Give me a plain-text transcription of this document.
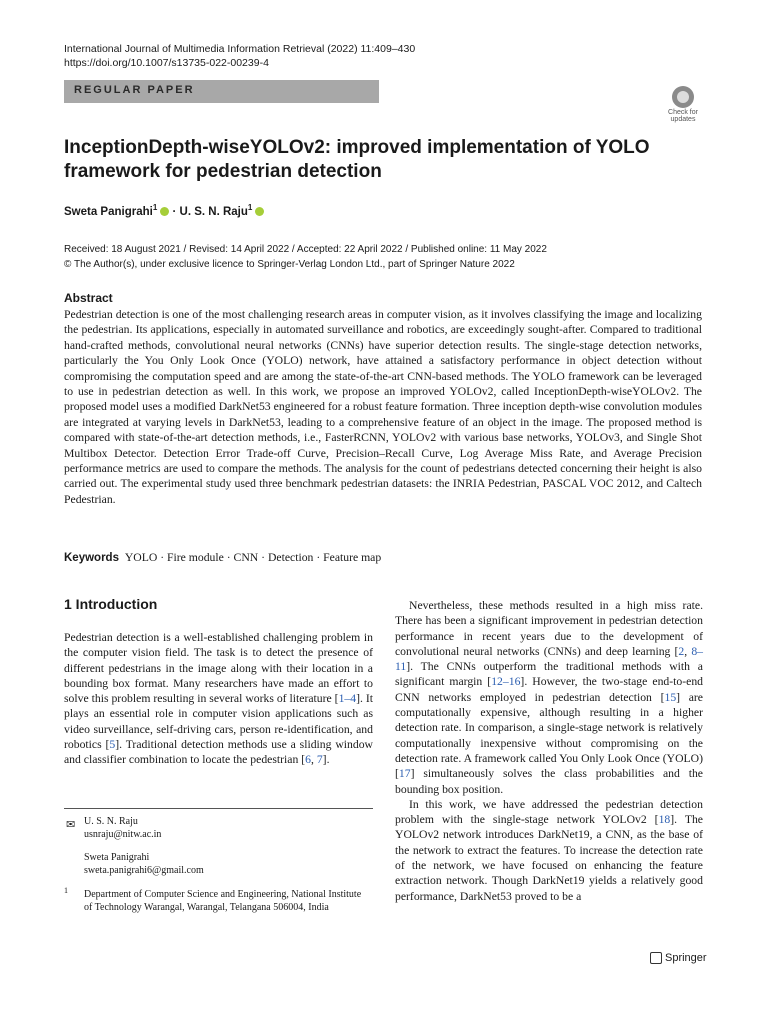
International Journal of Multimedia Information Retrieval (2022) 11:409–430
https://doi.org/10.1007/s13735-022-00239-4
REGULAR PAPER
Check for updates
InceptionDepth-wiseYOLOv2: improved implementation of YOLO framework for pedestrian detection
Sweta Panigrahi$^1$ · U. S. N. Raju$^1$
Received: 18 August 2021 / Revised: 14 April 2022 / Accepted: 22 April 2022 / Published online: 11 May 2022
© The Author(s), under exclusive licence to Springer-Verlag London Ltd., part of Springer Nature 2022
Abstract
Pedestrian detection is one of the most challenging research areas in computer vision, as it involves classifying the image and localizing the pedestrian. Its applications, especially in automated surveillance and robotics, are exceedingly sought-after. Compared to traditional hand-crafted methods, convolutional neural networks (CNNs) have superior detection results. The single-stage detection networks, particularly the You Only Look Once (YOLO) network, have attained a satisfactory performance in object detection without compromising the computation speed and are among the state-of-the-art CNN-based methods. The YOLO framework can be leveraged to use in pedestrian detection as well. In this work, we propose an improved YOLOv2, called InceptionDepth-wiseYOLOv2. The proposed model uses a modified DarkNet53 engineered for a robust feature formation. Three inception depth-wise convolution modules are integrated at varying levels in DarkNet53, leading to a comprehensive feature of an object in the image. The proposed method is compared with state-of-the-art detection methods, i.e., FasterRCNN, YOLOv2 with various base networks, YOLOv3, and Single Shot Multibox Detector. Detection Error Trade-off Curve, Precision–Recall Curve, Log Average Miss Rate, and Average Precision performance metrics are used to compare the methods. The analysis for the count of pedestrians detected concerning their height is also carried out. The experimental study used three benchmark pedestrian datasets: the INRIA Pedestrian, PASCAL VOC 2012, and Caltech Pedestrian.
Keywords YOLO · Fire module · CNN · Detection · Feature map
1 Introduction
Pedestrian detection is a well-established challenging problem in the computer vision field. The task is to detect the presence of different pedestrians in the image along with their location in a bounding box format. Many researchers have made an effort to solve this problem resulting in several works of literature [1–4]. It plays an essential role in computer vision applications such as video surveillance, self-driving cars, person re-identification, and robotics [5]. Traditional detection methods use a sliding window and classifier combination to locate the pedestrian [6, 7].
✉ U. S. N. Raju
usnraju@nitw.ac.in
Sweta Panigrahi
sweta.panigrahi6@gmail.com
1 Department of Computer Science and Engineering, National Institute of Technology Warangal, Warangal, Telangana 506004, India

Nevertheless, these methods resulted in a high miss rate. There has been a significant improvement in pedestrian detection performance in recent years due to the development of convolutional neural networks (CNNs) and deep learning [2, 8–11]. The CNNs outperform the traditional methods with a significant margin [12–16]. However, the two-stage end-to-end CNN networks employed in pedestrian detection [15] are computationally expensive, although resulting in a higher detection rate. In comparison, a single-stage network is relatively computationally inexpensive without compromising on the detection rate. A framework called You Only Look Once (YOLO) [17] simultaneously solves the class probabilities and the bounding box position.

In this work, we have addressed the pedestrian detection problem with the single-stage network YOLOv2 [18]. The YOLOv2 network introduces DarkNet19, a CNN, as the base of the network to extract the features. To increase the detection rate of the network, we have focused on enhancing the feature extraction network. Though DarkNet19 yields a relatively good performance, DarkNet53 proved to be a

Springer
